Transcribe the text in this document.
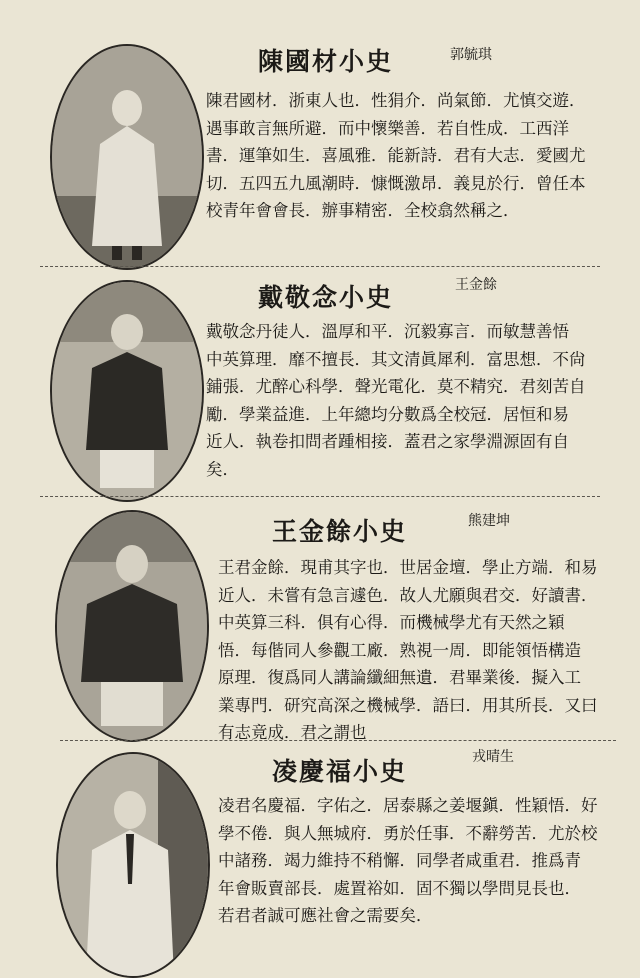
陳國材小史	郭毓琪
陳君國材．浙東人也．性狷介．尚氣節．尤慎交遊．
遇事敢言無所避．而中懷樂善．若自性成．工西洋
書．運筆如生．喜風雅．能新詩．君有大志．愛國尤
切．五四五九風潮時．慷慨激昂．義見於行．曾任本
校青年會會長．辦事精密．全校翕然稱之．
戴敬念小史	王金餘
戴敬念丹徒人．溫厚和平．沉毅寡言．而敏慧善悟
中英算理．靡不擅長．其文清眞犀利．富思想．不尙
鋪張．尤醉心科學．聲光電化．莫不精究．君刻苦自
勵．學業益進．上年總均分數爲全校冠．居恒和易
近人．執卷扣問者踵相接．蓋君之家學淵源固有自
矣．
王金餘小史	熊建坤
王君金餘．現甫其字也．世居金壇．學止方端．和易
近人．未嘗有急言遽色．故人尤願與君交．好讀書．
中英算三科．俱有心得．而機械學尤有天然之穎
悟．每偕同人參觀工廠．熟視一周．即能領悟構造
原理．復爲同人講論纖細無遺．君畢業後．擬入工
業專門．研究高深之機械學．語曰．用其所長．又曰
有志竟成．君之謂也
凌慶福小史	戎晴生
凌君名慶福．字佑之．居泰縣之姜堰鎭．性穎悟．好
學不倦．與人無城府．勇於任事．不辭勞苦．尤於校
中諸務．竭力維持不稍懈．同學者咸重君．推爲青
年會販賣部長．處置裕如．固不獨以學問見長也．
若君者誠可應社會之需要矣．
